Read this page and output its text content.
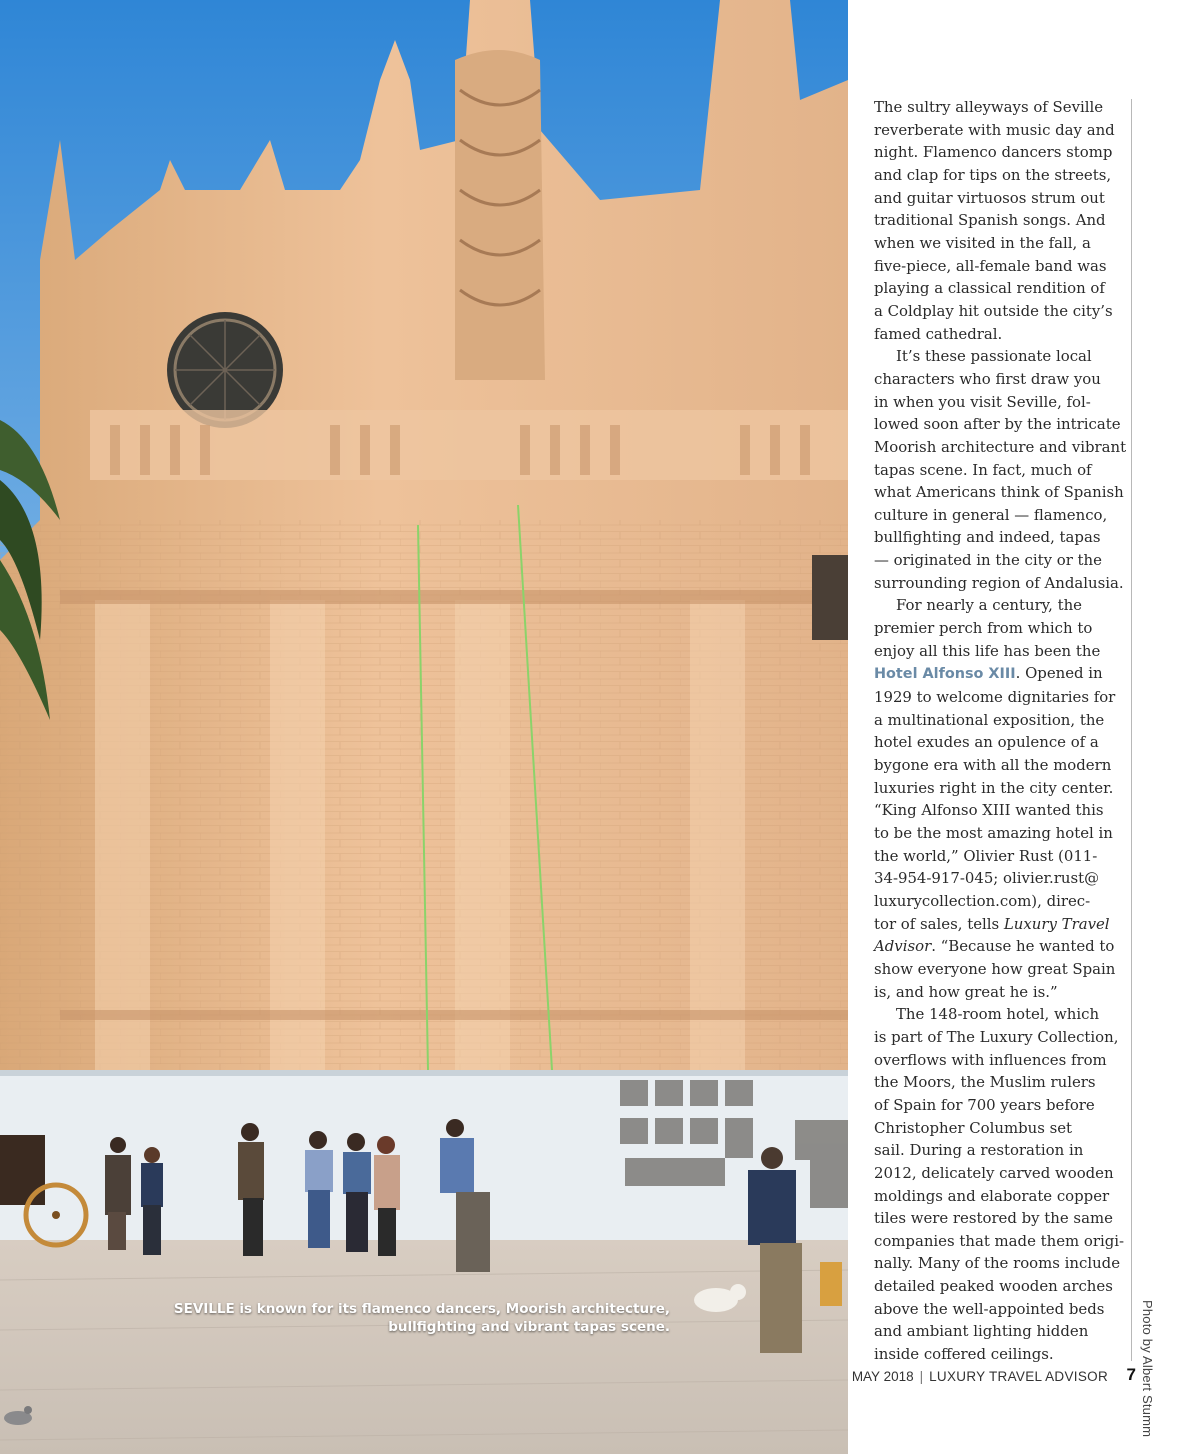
SEVILLE is known for its flamenco dancers, Moorish architecture, bullfighting and vibrant tapas scene.

The sultry alleyways of Seville

reverberate with music day and

night. Flamenco dancers stomp

and clap for tips on the streets,

and guitar virtuosos strum out

traditional Spanish songs. And

when we visited in the fall, a

five-piece, all-female band was

playing a classical rendition of

a Coldplay hit outside the city’s

famed cathedral.

It’s these passionate local

characters who first draw you

in when you visit Seville, fol-

lowed soon after by the intricate

Moorish architecture and vibrant

tapas scene. In fact, much of

what Americans think of Spanish

culture in general — flamenco,

bullfighting and indeed, tapas

— originated in the city or the

surrounding region of Andalusia.

For nearly a century, the

premier perch from which to

enjoy all this life has been the

Hotel Alfonso XIII. Opened in

1929 to welcome dignitaries for

a multinational exposition, the

hotel exudes an opulence of a

bygone era with all the modern

luxuries right in the city center.

“King Alfonso XIII wanted this

to be the most amazing hotel in

the world,” Olivier Rust (011-

34-954-917-045; olivier.rust@

luxurycollection.com), direc-

tor of sales, tells Luxury Travel

Advisor. “Because he wanted to

show everyone how great Spain

is, and how great he is.”

The 148-room hotel, which

is part of The Luxury Collection,

overflows with influences from

the Moors, the Muslim rulers

of Spain for 700 years before

Christopher Columbus set

sail. During a restoration in

2012, delicately carved wooden

moldings and elaborate copper

tiles were restored by the same

companies that made them origi-

nally. Many of the rooms include

detailed peaked wooden arches

above the well-appointed beds

and ambiant lighting hidden

inside coffered ceilings.	Photo by Albert Stumm
MAY 2018 | LUXURY TRAVEL ADVISOR 7
